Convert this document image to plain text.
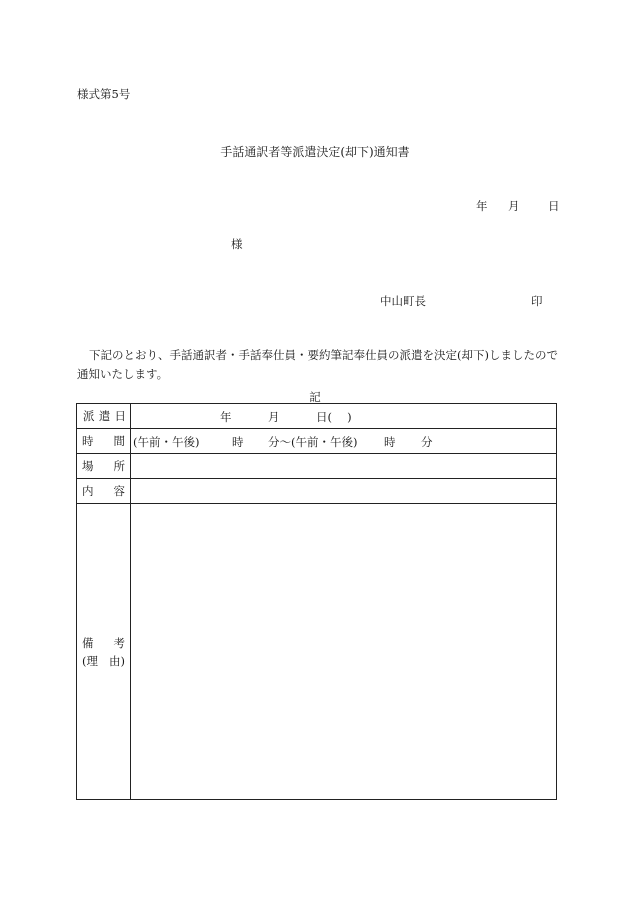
様式第5号
手話通訳者等派遣決定(却下)通知書
年 月 日
様
中山町長	印
下記のとおり、手話通訳者・手話奉仕員・要約筆記奉仕員の派遣を決定(却下)しましたので通知いたします。
記
派 遣 日	年 月 日(　 )

時 間	(午前・午後) 時 分〜(午前・午後) 時 分

場 所	

内 容	

備 考
(理 由)	
